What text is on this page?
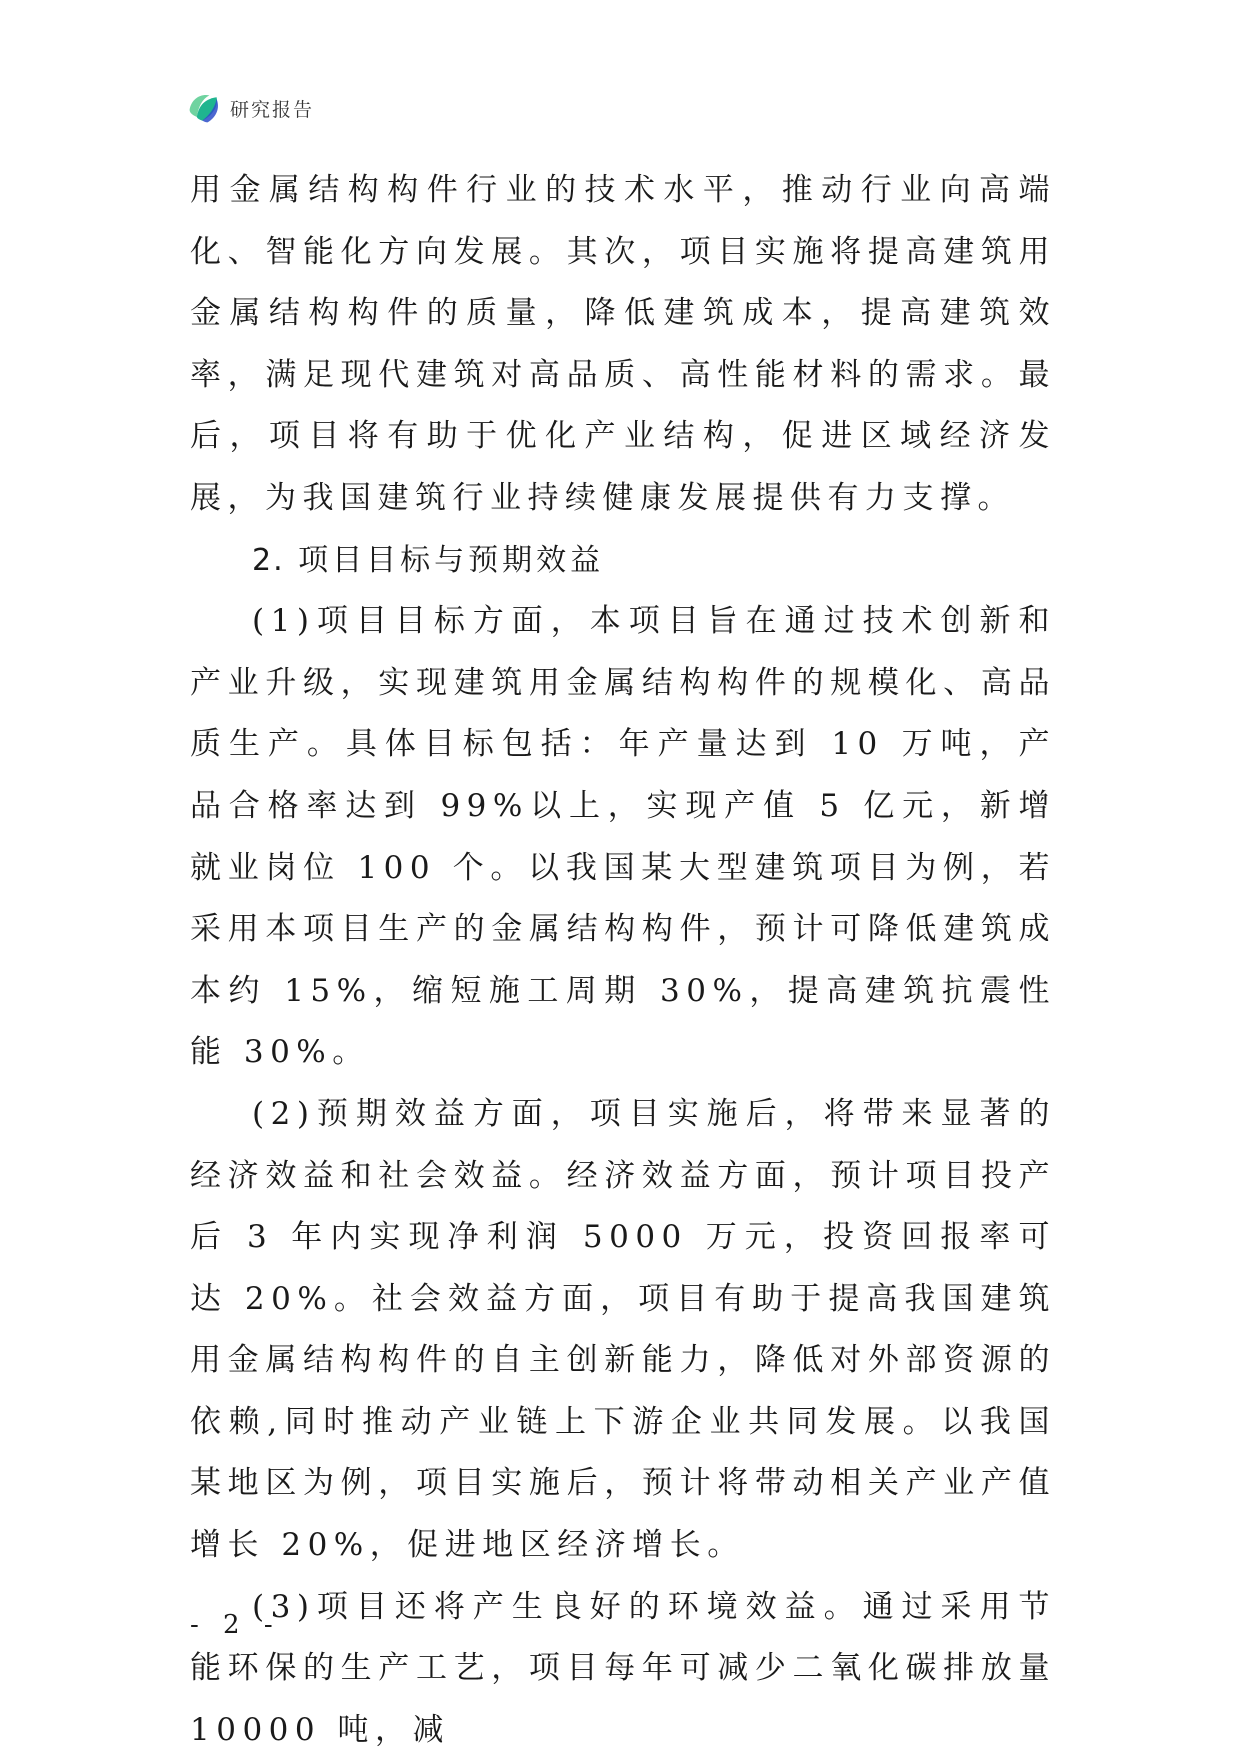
研究报告

用金属结构构件行业的技术水平，推动行业向高端化、智能化方向发展。其次，项目实施将提高建筑用金属结构构件的质量，降低建筑成本，提高建筑效率，满足现代建筑对高品质、高性能材料的需求。最后，项目将有助于优化产业结构，促进区域经济发展，为我国建筑行业持续健康发展提供有力支撑。

2. 项目目标与预期效益

(1)项目目标方面，本项目旨在通过技术创新和产业升级，实现建筑用金属结构构件的规模化、高品质生产。具体目标包括：年产量达到 10 万吨，产品合格率达到 99%以上，实现产值 5 亿元，新增就业岗位 100 个。以我国某大型建筑项目为例，若采用本项目生产的金属结构构件，预计可降低建筑成本约 15%，缩短施工周期 30%，提高建筑抗震性能 30%。

(2)预期效益方面，项目实施后，将带来显著的经济效益和社会效益。经济效益方面，预计项目投产后 3 年内实现净利润 5000 万元，投资回报率可达 20%。社会效益方面，项目有助于提高我国建筑用金属结构构件的自主创新能力，降低对外部资源的依赖,同时推动产业链上下游企业共同发展。以我国某地区为例，项目实施后，预计将带动相关产业产值增长 20%，促进地区经济增长。

(3)项目还将产生良好的环境效益。通过采用节能环保的生产工艺，项目每年可减少二氧化碳排放量 10000 吨，减

- 2 -
